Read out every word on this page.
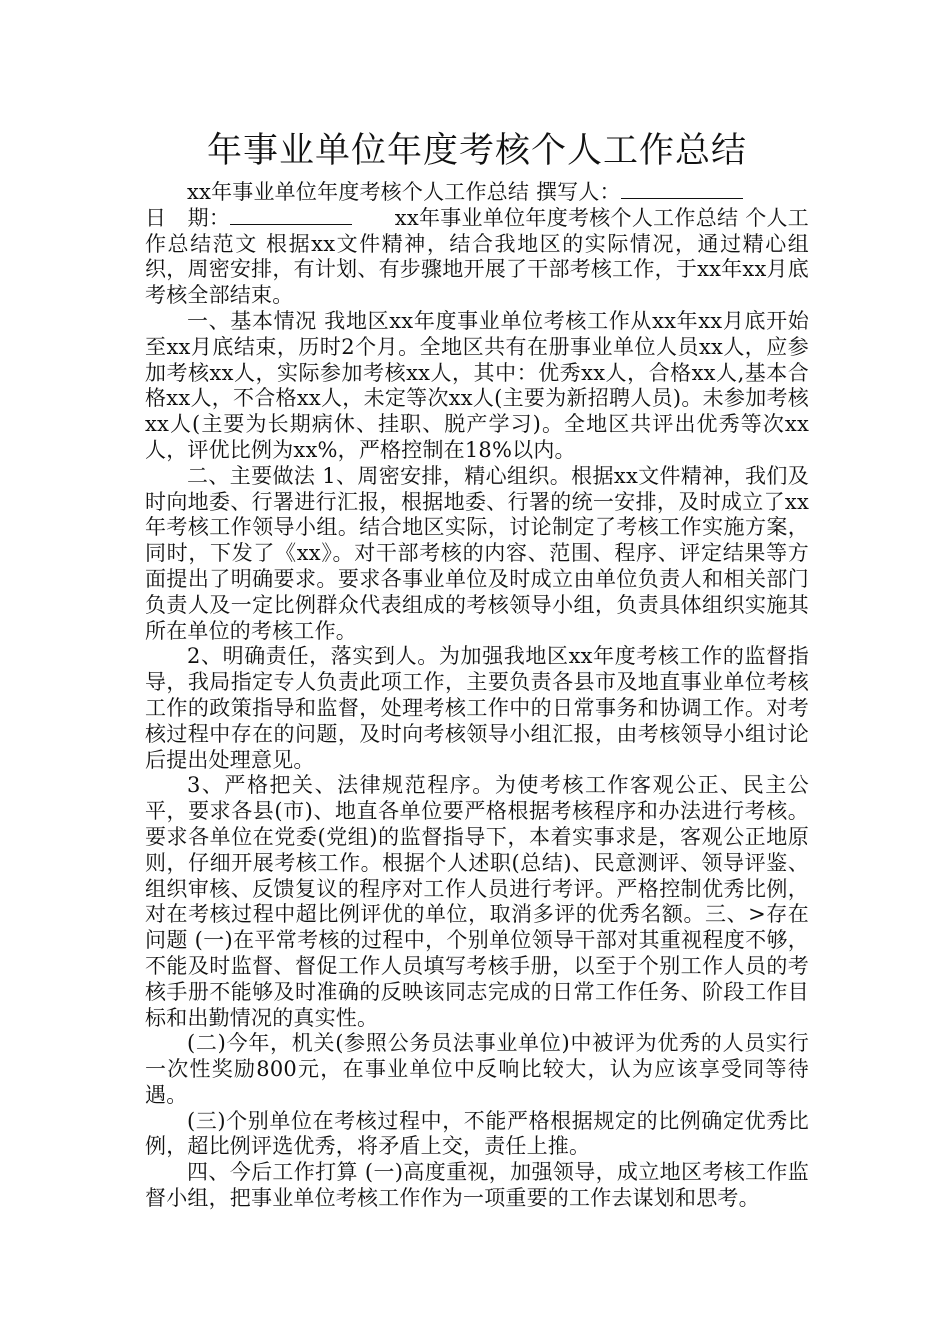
年事业单位年度考核个人工作总结

xx年事业单位年度考核个人工作总结 撰写人：

日　期：	　　xx年事业单位年度考核个人工作总结 个人工作总结范文 根据xx文件精神，结合我地区的实际情况，通过精心组织，周密安排，有计划、有步骤地开展了干部考核工作，于xx年xx月底考核全部结束。

一、基本情况 我地区xx年度事业单位考核工作从xx年xx月底开始至xx月底结束，历时2个月。全地区共有在册事业单位人员xx人，应参加考核xx人，实际参加考核xx人，其中：优秀xx人，合格xx人,基本合格xx人，不合格xx人，未定等次xx人(主要为新招聘人员)。未参加考核xx人(主要为长期病休、挂职、脱产学习)。全地区共评出优秀等次xx人，评优比例为xx%，严格控制在18%以内。

二、主要做法 1、周密安排，精心组织。根据xx文件精神，我们及时向地委、行署进行汇报，根据地委、行署的统一安排，及时成立了xx年考核工作领导小组。结合地区实际，讨论制定了考核工作实施方案，同时，下发了《xx》。对干部考核的内容、范围、程序、评定结果等方面提出了明确要求。要求各事业单位及时成立由单位负责人和相关部门负责人及一定比例群众代表组成的考核领导小组，负责具体组织实施其所在单位的考核工作。

2、明确责任，落实到人。为加强我地区xx年度考核工作的监督指导，我局指定专人负责此项工作，主要负责各县市及地直事业单位考核工作的政策指导和监督，处理考核工作中的日常事务和协调工作。对考核过程中存在的问题，及时向考核领导小组汇报，由考核领导小组讨论后提出处理意见。

3、严格把关、法律规范程序。为使考核工作客观公正、民主公平，要求各县(市)、地直各单位要严格根据考核程序和办法进行考核。要求各单位在党委(党组)的监督指导下，本着实事求是，客观公正地原则，仔细开展考核工作。根据个人述职(总结)、民意测评、领导评鉴、组织审核、反馈复议的程序对工作人员进行考评。严格控制优秀比例，对在考核过程中超比例评优的单位，取消多评的优秀名额。三、>存在问题 (一)在平常考核的过程中，个别单位领导干部对其重视程度不够，不能及时监督、督促工作人员填写考核手册，以至于个别工作人员的考核手册不能够及时准确的反映该同志完成的日常工作任务、阶段工作目标和出勤情况的真实性。

(二)今年，机关(参照公务员法事业单位)中被评为优秀的人员实行一次性奖励800元，在事业单位中反响比较大，认为应该享受同等待遇。

(三)个别单位在考核过程中，不能严格根据规定的比例确定优秀比例，超比例评选优秀，将矛盾上交，责任上推。

四、今后工作打算 (一)高度重视，加强领导，成立地区考核工作监督小组，把事业单位考核工作作为一项重要的工作去谋划和思考。
